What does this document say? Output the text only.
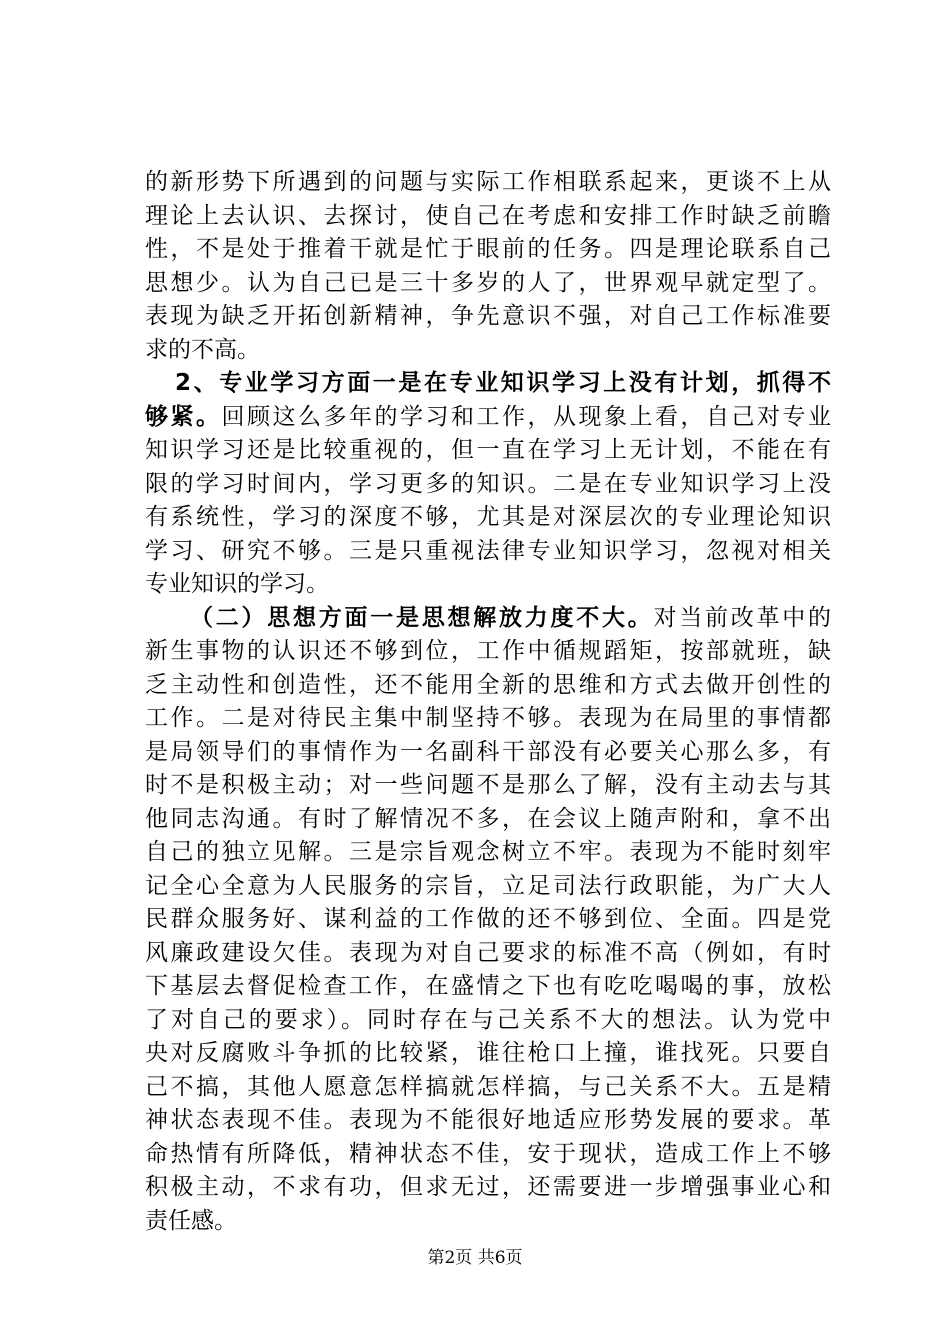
的新形势下所遇到的问题与实际工作相联系起来，更谈不上从
理论上去认识、去探讨，使自己在考虑和安排工作时缺乏前瞻
性，不是处于推着干就是忙于眼前的任务。四是理论联系自己
思想少。认为自己已是三十多岁的人了，世界观早就定型了。
表现为缺乏开拓创新精神，争先意识不强，对自己工作标准要
求的不高。
2、专业学习方面一是在专业知识学习上没有计划，抓得不
够紧。回顾这么多年的学习和工作，从现象上看，自己对专业
知识学习还是比较重视的，但一直在学习上无计划，不能在有
限的学习时间内，学习更多的知识。二是在专业知识学习上没
有系统性，学习的深度不够，尤其是对深层次的专业理论知识
学习、研究不够。三是只重视法律专业知识学习，忽视对相关
专业知识的学习。
（二）思想方面一是思想解放力度不大。对当前改革中的
新生事物的认识还不够到位，工作中循规蹈矩，按部就班，缺
乏主动性和创造性，还不能用全新的思维和方式去做开创性的
工作。二是对待民主集中制坚持不够。表现为在局里的事情都
是局领导们的事情作为一名副科干部没有必要关心那么多，有
时不是积极主动；对一些问题不是那么了解，没有主动去与其
他同志沟通。有时了解情况不多，在会议上随声附和，拿不出
自己的独立见解。三是宗旨观念树立不牢。表现为不能时刻牢
记全心全意为人民服务的宗旨，立足司法行政职能，为广大人
民群众服务好、谋利益的工作做的还不够到位、全面。四是党
风廉政建设欠佳。表现为对自己要求的标准不高（例如，有时
下基层去督促检查工作，在盛情之下也有吃吃喝喝的事，放松
了对自己的要求）。同时存在与己关系不大的想法。认为党中
央对反腐败斗争抓的比较紧，谁往枪口上撞，谁找死。只要自
己不搞，其他人愿意怎样搞就怎样搞，与己关系不大。五是精
神状态表现不佳。表现为不能很好地适应形势发展的要求。革
命热情有所降低，精神状态不佳，安于现状，造成工作上不够
积极主动，不求有功，但求无过，还需要进一步增强事业心和
责任感。
第2页 共6页
